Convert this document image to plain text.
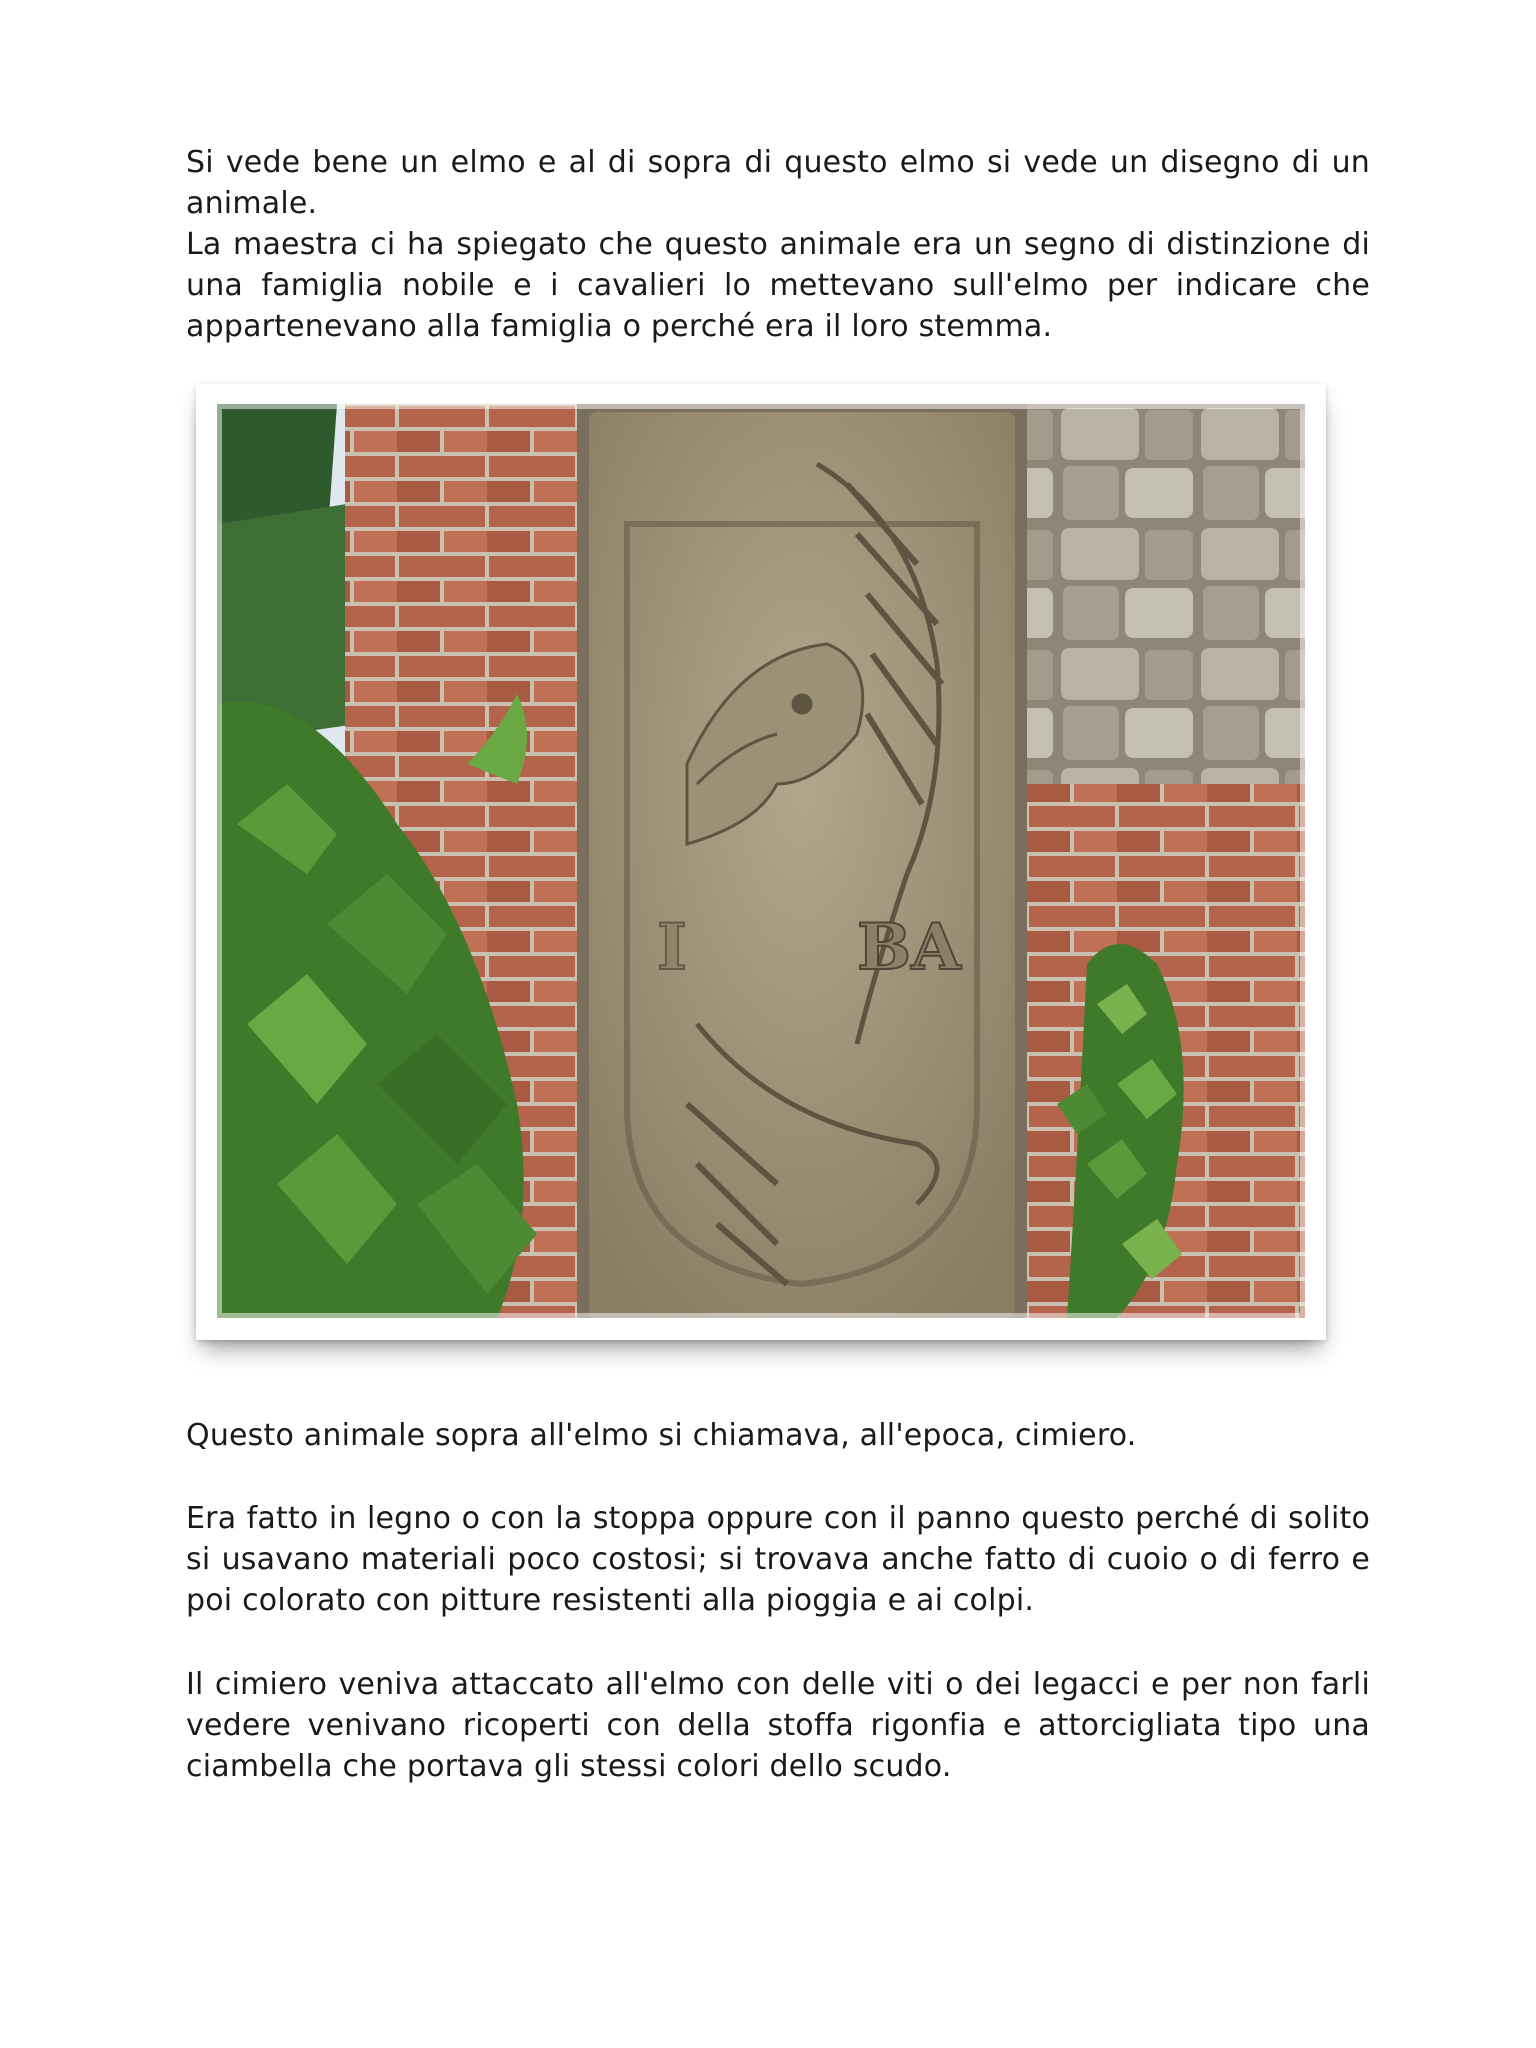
Si vede bene un elmo e al di sopra di questo elmo si vede un disegno di un animale.

La maestra ci ha spiegato che questo animale era un segno di distinzione di una famiglia nobile e i cavalieri lo mettevano sull'elmo per indicare che appartenevano alla famiglia o perché era il loro stemma.

BA
I

Questo animale sopra all'elmo si chiamava, all'epoca, cimiero.

Era fatto in legno o con la stoppa oppure con il panno questo perché di solito si usavano materiali poco costosi; si trovava anche fatto di cuoio o di ferro e poi colorato con pitture resistenti alla pioggia e ai colpi.

Il cimiero veniva attaccato all'elmo con delle viti o dei legacci e per non farli vedere venivano ricoperti con della stoffa rigonfia e attorcigliata tipo una ciambella che portava gli stessi colori dello scudo.
